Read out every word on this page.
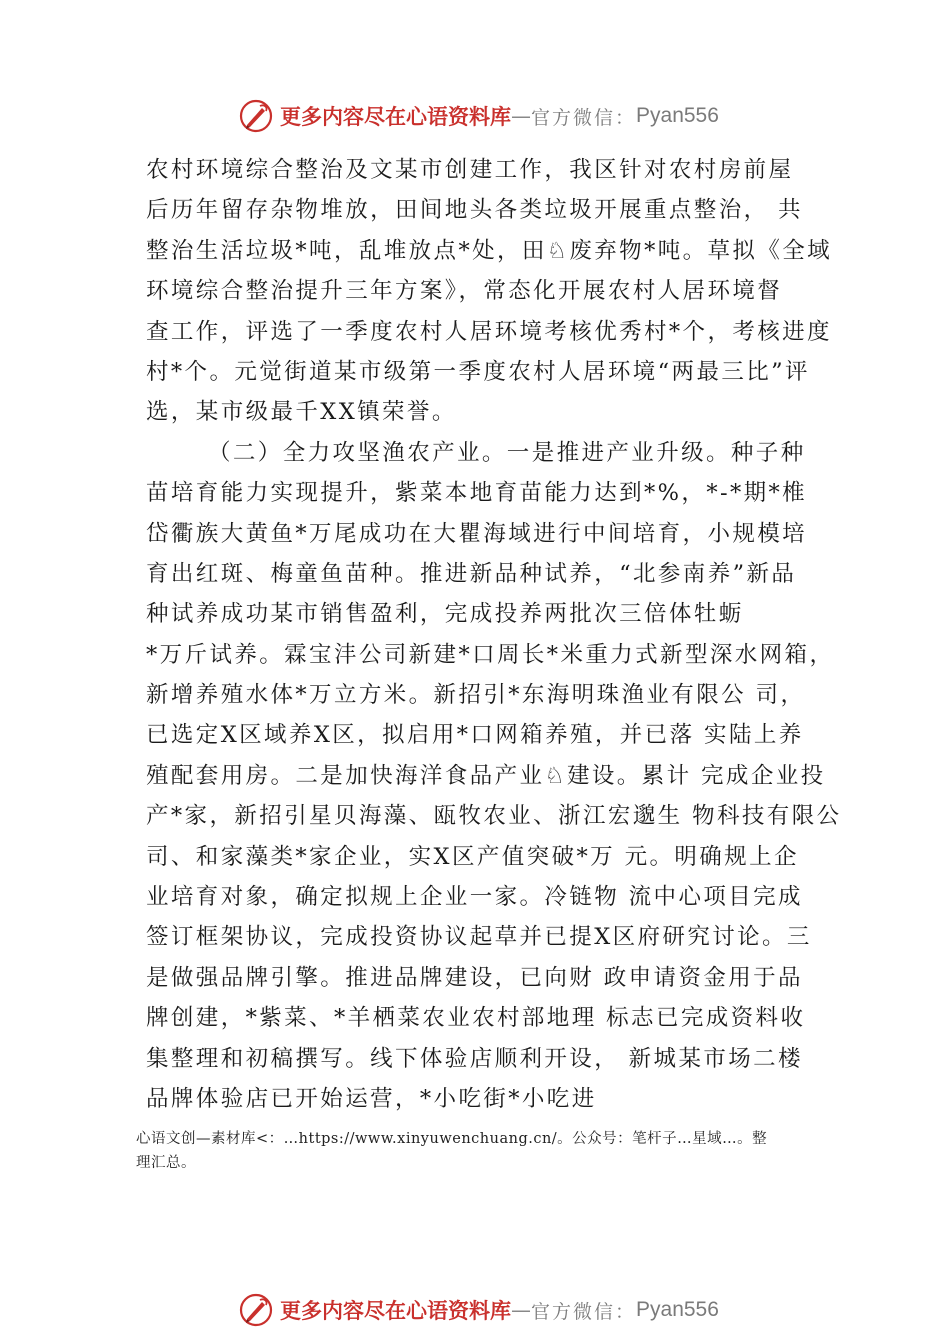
更多内容尽在心语资料库 — 官方微信： Pyan556
农村环境综合整治及文某市创建工作，我区针对农村房前屋
后历年留存杂物堆放，田间地头各类垃圾开展重点整治， 共
整治生活垃圾*吨，乱堆放点*处，田♘废弃物*吨。草拟《全域
环境综合整治提升三年方案》，常态化开展农村人居环境督
查工作，评选了一季度农村人居环境考核优秀村*个，考核进度
村*个。元觉街道某市级第一季度农村人居环境“两最三比”评
选，某市级最千XX镇荣誉。
（二）全力攻坚渔农产业。一是推进产业升级。种子种
苗培育能力实现提升，紫菜本地育苗能力达到*%，*-*期*椎
岱衢族大黄鱼*万尾成功在大瞿海域进行中间培育，小规模培
育出红斑、梅童鱼苗种。推进新品种试养，“北参南养”新品
种试养成功某市销售盈利，完成投养两批次三倍体牡蛎
*万斤试养。霖宝沣公司新建*口周长*米重力式新型深水网箱，
新增养殖水体*万立方米。新招引*东海明珠渔业有限公 司，
已选定X区域养X区，拟启用*口网箱养殖，并已落 实陆上养
殖配套用房。二是加快海洋食品产业♘建设。累计 完成企业投
产*家，新招引星贝海藻、瓯牧农业、浙江宏邈生 物科技有限公
司、和家藻类*家企业，实X区产值突破*万 元。明确规上企
业培育对象，确定拟规上企业一家。冷链物 流中心项目完成
签订框架协议，完成投资协议起草并已提X区府研究讨论。三
是做强品牌引擎。推进品牌建设，已向财 政申请资金用于品
牌创建，*紫菜、*羊栖菜农业农村部地理 标志已完成资料收
集整理和初稿撰写。线下体验店顺利开设， 新城某市场二楼
品牌体验店已开始运营，*小吃街*小吃进
心语文创—素材库<：…https://www.xinyuwenchuang.cn/。公众号：笔杆子…星域…。整
理汇总。
更多内容尽在心语资料库 — 官方微信： Pyan556
